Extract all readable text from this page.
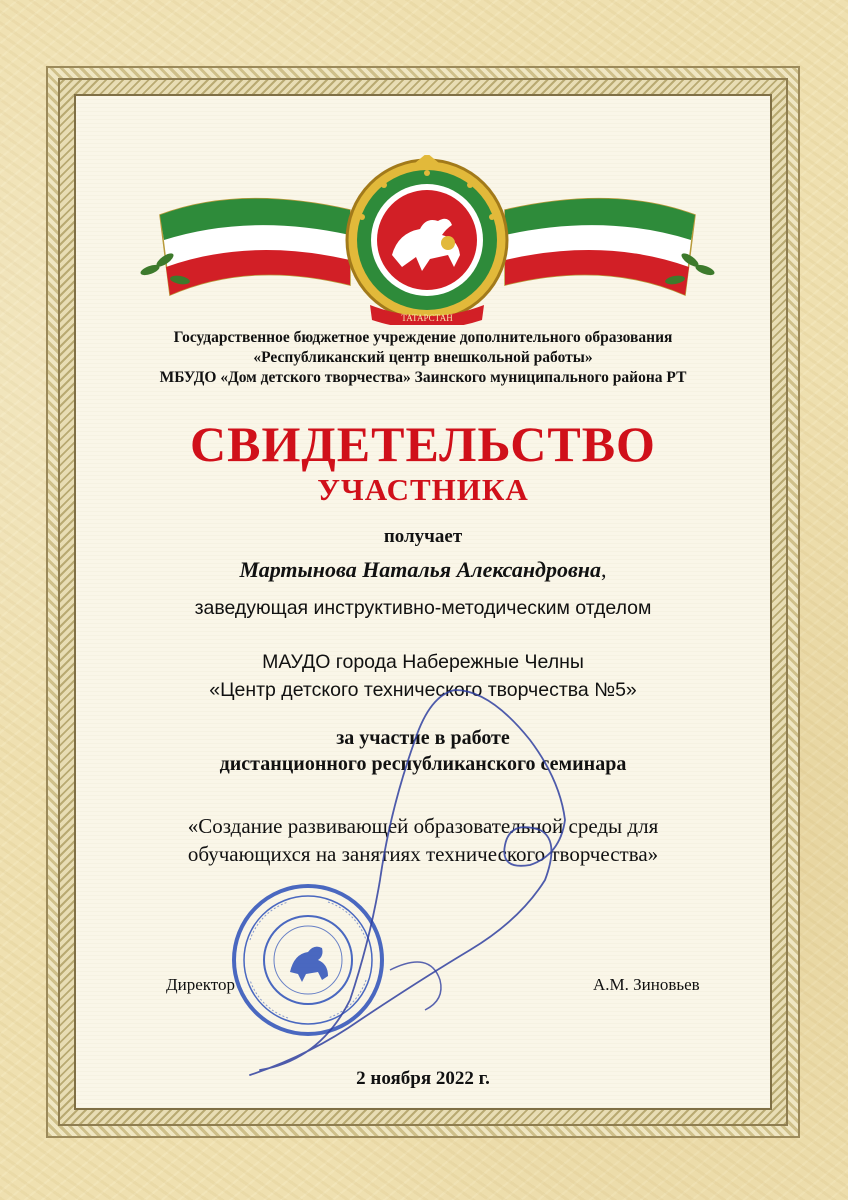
ТАТАРСТАН
Государственное бюджетное учреждение дополнительного образования
«Республиканский центр внешкольной работы»
МБУДО «Дом детского творчества» Заинского муниципального района РТ
СВИДЕТЕЛЬСТВО
УЧАСТНИКА
получает
Мартынова Наталья Александровна,
заведующая инструктивно-методическим отделом
МАУДО города Набережные Челны
«Центр детского технического творчества №5»
за участие в работе
дистанционного республиканского семинара
«Создание развивающей образовательной среды для
обучающихся на занятиях технического творчества»
Директор	А.М. Зиновьев
2 ноября 2022 г.
